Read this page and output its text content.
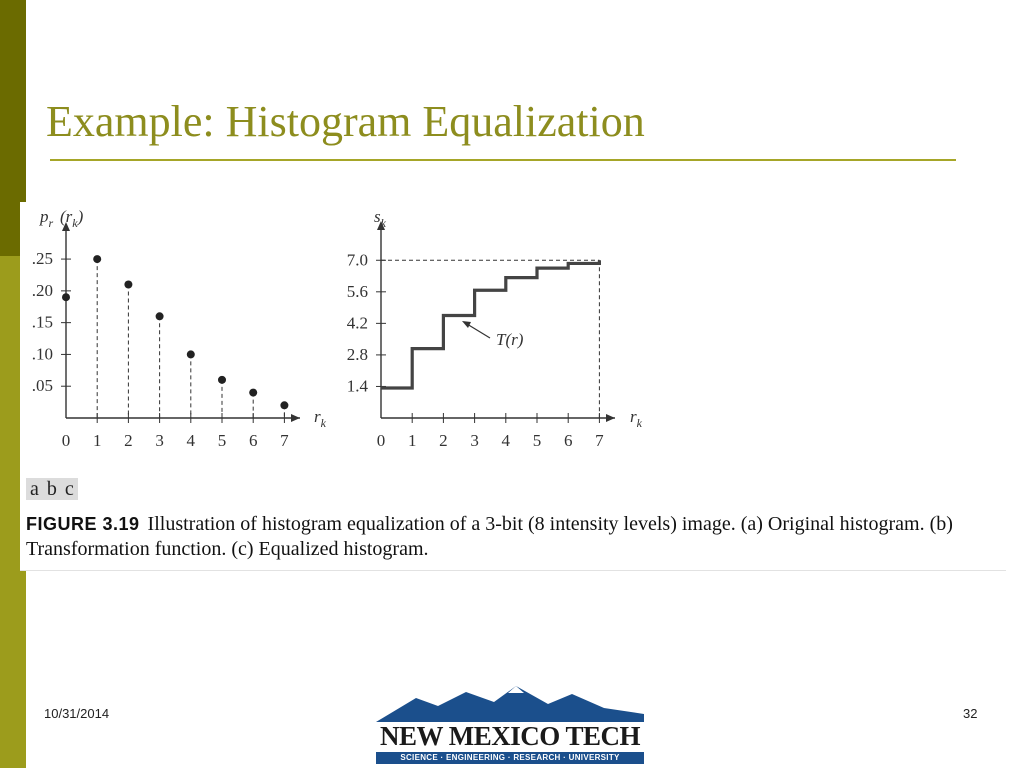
Example: Histogram Equalization
.05
.10
.15
.20
.25
0 1 2 3 4 5 6 7
$p_r$ $(r_k)$
$r_k$
1.4
2.8
4.2
5.6
7.0
0 1 2 3 4 5 6 7
T(r)
$s_k$
$r_k$
a b c
FIGURE 3.19 Illustration of histogram equalization of a 3-bit (8 intensity levels) image. (a) Original histogram. (b) Transformation function. (c) Equalized histogram.
10/31/2014	32
NEW MEXICO TECH
SCIENCE · ENGINEERING · RESEARCH · UNIVERSITY
